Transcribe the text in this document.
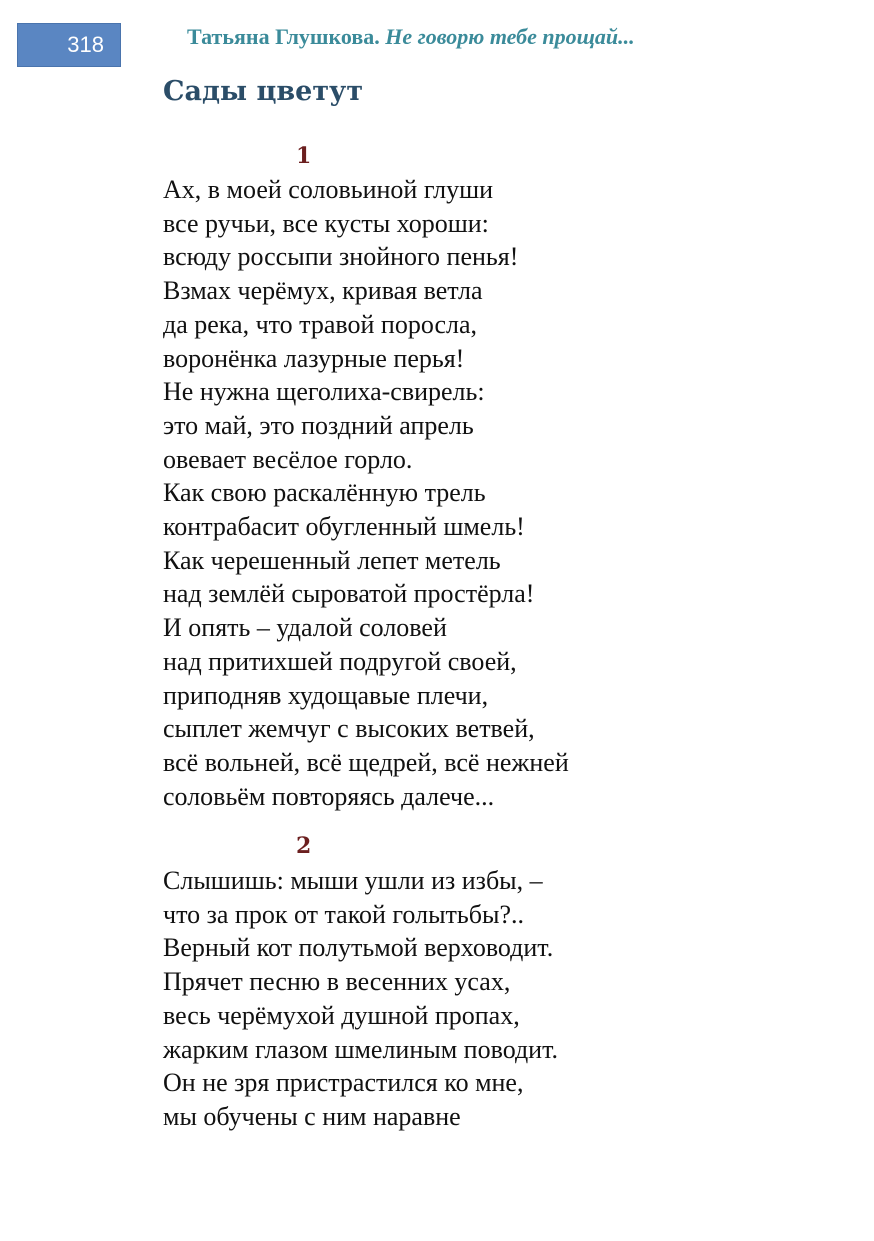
318	Татьяна Глушкова. Не говорю тебе прощай...
Сады цветут
1
Ах, в моей соловьиной глуши
все ручьи, все кусты хороши:
всюду россыпи знойного пенья!
Взмах черёмух, кривая ветла
да река, что травой поросла,
воронёнка лазурные перья!
Не нужна щеголиха-свирель:
это май, это поздний апрель
овевает весёлое горло.
Как свою раскалённую трель
контрабасит обугленный шмель!
Как черешенный лепет метель
над землёй сыроватой простёрла!
И опять – удалой соловей
над притихшей подругой своей,
приподняв худощавые плечи,
сыплет жемчуг с высоких ветвей,
всё вольней, всё щедрей, всё нежней
соловьём повторяясь далече...
2
Слышишь: мыши ушли из избы, –
что за прок от такой голытьбы?..
Верный кот полутьмой верховодит.
Прячет песню в весенних усах,
весь черёмухой душной пропах,
жарким глазом шмелиным поводит.
Он не зря пристрастился ко мне,
мы обучены с ним наравне
